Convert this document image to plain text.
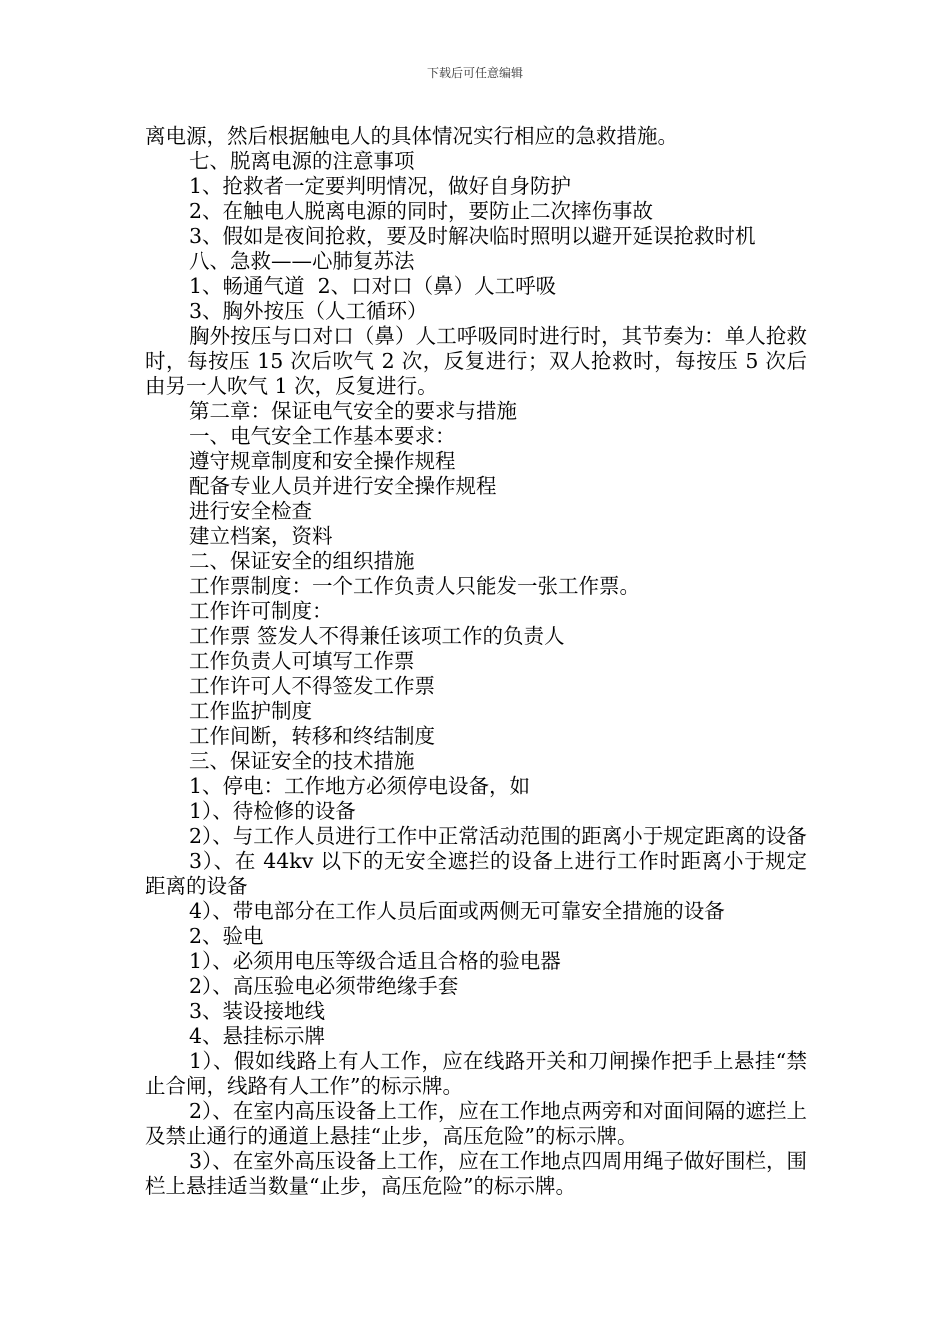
下载后可任意编辑

离电源，然后根据触电人的具体情况实行相应的急救措施。

七、脱离电源的注意事项

1、抢救者一定要判明情况，做好自身防护

2、在触电人脱离电源的同时，要防止二次摔伤事故

3、假如是夜间抢救，要及时解决临时照明以避开延误抢救时机

八、急救——心肺复苏法

1、畅通气道  2、口对口（鼻）人工呼吸

3、胸外按压（人工循环）

胸外按压与口对口（鼻）人工呼吸同时进行时，其节奏为：单人抢救时，每按压 15 次后吹气 2 次，反复进行；双人抢救时，每按压 5 次后由另一人吹气 1 次，反复进行。

第二章：保证电气安全的要求与措施

一、电气安全工作基本要求：

遵守规章制度和安全操作规程

配备专业人员并进行安全操作规程

进行安全检查

建立档案，资料

二、保证安全的组织措施

工作票制度：一个工作负责人只能发一张工作票。

工作许可制度：

工作票 签发人不得兼任该项工作的负责人

工作负责人可填写工作票

工作许可人不得签发工作票

工作监护制度

工作间断，转移和终结制度

三、保证安全的技术措施

1、停电：工作地方必须停电设备，如

1）、待检修的设备

2）、与工作人员进行工作中正常活动范围的距离小于规定距离的设备

3）、在 44kv 以下的无安全遮拦的设备上进行工作时距离小于规定距离的设备

4）、带电部分在工作人员后面或两侧无可靠安全措施的设备

2、验电

1）、必须用电压等级合适且合格的验电器

2）、高压验电必须带绝缘手套

3、装设接地线

4、悬挂标示牌

1）、假如线路上有人工作，应在线路开关和刀闸操作把手上悬挂“禁止合闸，线路有人工作”的标示牌。

2）、在室内高压设备上工作，应在工作地点两旁和对面间隔的遮拦上及禁止通行的通道上悬挂“止步，高压危险”的标示牌。

3）、在室外高压设备上工作，应在工作地点四周用绳子做好围栏，围栏上悬挂适当数量“止步，高压危险”的标示牌。
